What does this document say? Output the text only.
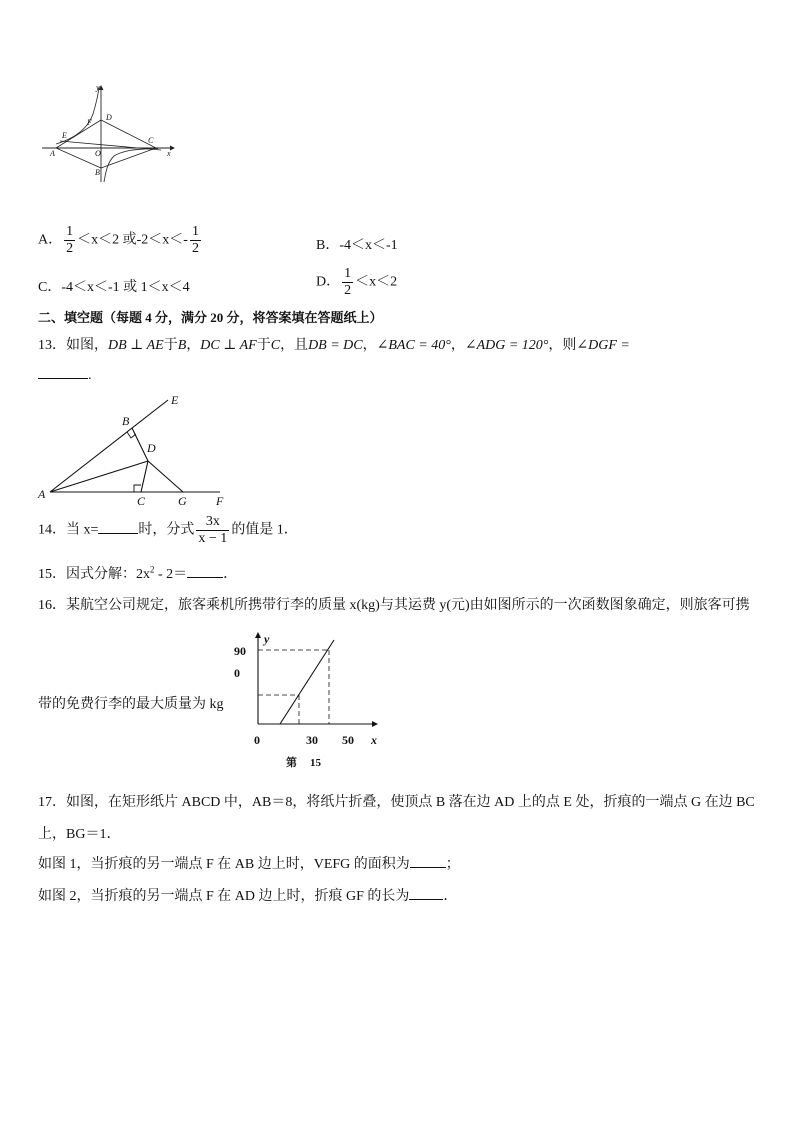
y
x
E
F
D
C
A	O
B
A． $\frac{1}{2} <x<2$ 或$-2<x<- \frac{1}{2}$	B．-4＜x＜-1
C．-4＜x＜-1 或 1＜x＜4	D． $\frac{1}{2} <x<2$
二、填空题（每题 4 分，满分 20 分，将答案填在答题纸上）
13．如图，DB ⊥ AE于B，DC ⊥ AF于C，且DB = DC，∠BAC = 40°，∠ADG = 120°，则∠DGF =
.
E
B
D
A	C	G F
14．当 x=	时，分式 $\frac{3x}{x - 1}$ 的值是 1．
15．因式分解：$2x^2 - 2=$	．
16．某航空公司规定，旅客乘机所携带行李的质量 x(kg)与其运费 y(元)由如图所示的一次函数图象确定，则旅客可携
带的免费行李的最大质量为 kg
y
90
0
0	30 50 x
第 15
17．如图，在矩形纸片 ABCD 中，AB＝8，将纸片折叠，使顶点 B 落在边 AD 上的点 E 处，折痕的一端点 G 在边 BC
上，BG＝1．
如图 1，当折痕的另一端点 F 在 AB 边上时，VEFG 的面积为	；
如图 2，当折痕的另一端点 F 在 AD 边上时，折痕 GF 的长为 ．
